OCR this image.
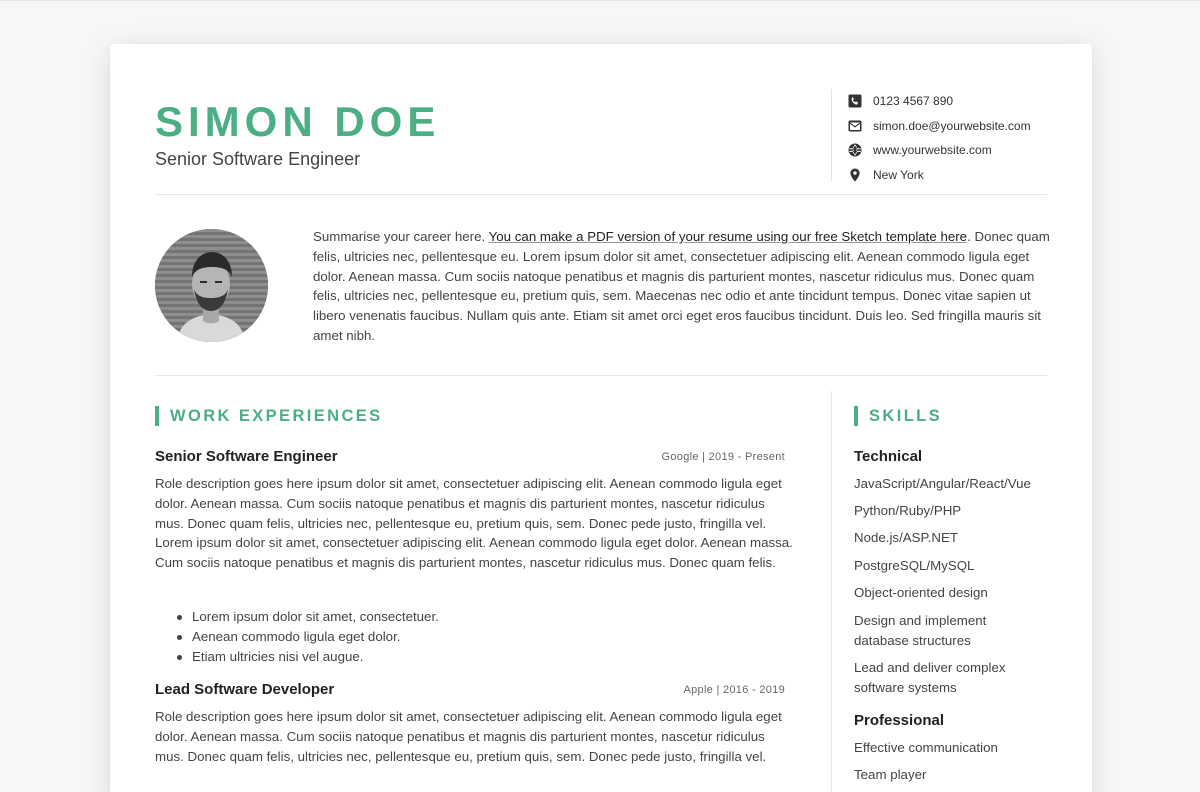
SIMON DOE
Senior Software Engineer
0123 4567 890
simon.doe@yourwebsite.com
www.yourwebsite.com
New York
Summarise your career here. You can make a PDF version of your resume using our free Sketch template here. Donec quam felis, ultricies nec, pellentesque eu. Lorem ipsum dolor sit amet, consectetuer adipiscing elit. Aenean commodo ligula eget dolor. Aenean massa. Cum sociis natoque penatibus et magnis dis parturient montes, nascetur ridiculus mus. Donec quam felis, ultricies nec, pellentesque eu, pretium quis, sem. Maecenas nec odio et ante tincidunt tempus. Donec vitae sapien ut libero venenatis faucibus. Nullam quis ante. Etiam sit amet orci eget eros faucibus tincidunt. Duis leo. Sed fringilla mauris sit amet nibh.
WORK EXPERIENCES
Senior Software Engineer	Google | 2019 - Present
Role description goes here ipsum dolor sit amet, consectetuer adipiscing elit. Aenean commodo ligula eget dolor. Aenean massa. Cum sociis natoque penatibus et magnis dis parturient montes, nascetur ridiculus mus. Donec quam felis, ultricies nec, pellentesque eu, pretium quis, sem. Donec pede justo, fringilla vel. Lorem ipsum dolor sit amet, consectetuer adipiscing elit. Aenean commodo ligula eget dolor. Aenean massa. Cum sociis natoque penatibus et magnis dis parturient montes, nascetur ridiculus mus. Donec quam felis.
Lorem ipsum dolor sit amet, consectetuer.
Aenean commodo ligula eget dolor.
Etiam ultricies nisi vel augue.
Lead Software Developer	Apple | 2016 - 2019
Role description goes here ipsum dolor sit amet, consectetuer adipiscing elit. Aenean commodo ligula eget dolor. Aenean massa. Cum sociis natoque penatibus et magnis dis parturient montes, nascetur ridiculus mus. Donec quam felis, ultricies nec, pellentesque eu, pretium quis, sem. Donec pede justo, fringilla vel.
SKILLS
Technical
JavaScript/Angular/React/Vue
Python/Ruby/PHP
Node.js/ASP.NET
PostgreSQL/MySQL
Object-oriented design
Design and implement database structures
Lead and deliver complex software systems
Professional
Effective communication
Team player
